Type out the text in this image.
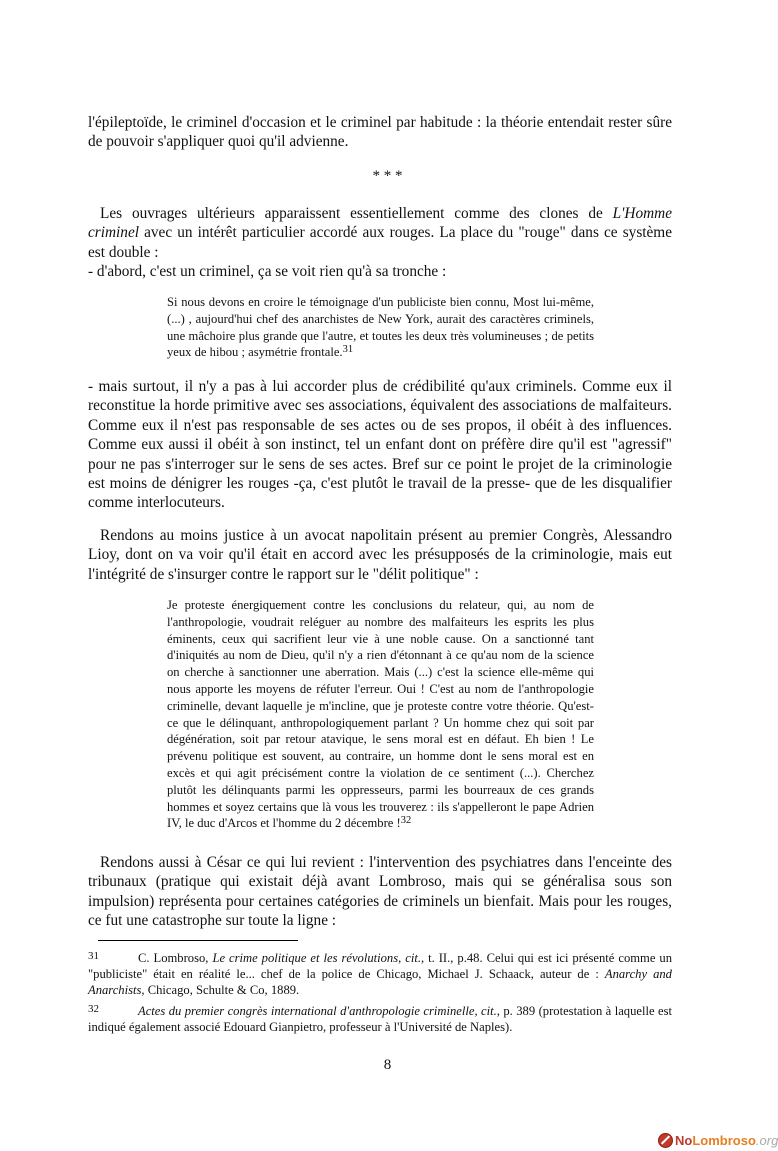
l'épileptoïde, le criminel d'occasion et le criminel par habitude : la théorie entendait rester sûre de pouvoir s'appliquer quoi qu'il advienne.

* * *

Les ouvrages ultérieurs apparaissent essentiellement comme des clones de L'Homme criminel avec un intérêt particulier accordé aux rouges. La place du "rouge" dans ce système est double :
- d'abord, c'est un criminel, ça se voit rien qu'à sa tronche :

Si nous devons en croire le témoignage d'un publiciste bien connu, Most lui-même, (...) , aujourd'hui chef des anarchistes de New York, aurait des caractères criminels, une mâchoire plus grande que l'autre, et toutes les deux très volumineuses ; de petits yeux de hibou ; asymétrie frontale.$^{31}$

- mais surtout, il n'y a pas à lui accorder plus de crédibilité qu'aux criminels. Comme eux il reconstitue la horde primitive avec ses associations, équivalent des associations de malfaiteurs. Comme eux il n'est pas responsable de ses actes ou de ses propos, il obéit à des influences. Comme eux aussi il obéit à son instinct, tel un enfant dont on préfère dire qu'il est "agressif" pour ne pas s'interroger sur le sens de ses actes. Bref sur ce point le projet de la criminologie est moins de dénigrer les rouges -ça, c'est plutôt le travail de la presse- que de les disqualifier comme interlocuteurs.

Rendons au moins justice à un avocat napolitain présent au premier Congrès, Alessandro Lioy, dont on va voir qu'il était en accord avec les présupposés de la criminologie, mais eut l'intégrité de s'insurger contre le rapport sur le "délit politique" :

Je proteste énergiquement contre les conclusions du relateur, qui, au nom de l'anthropologie, voudrait reléguer au nombre des malfaiteurs les esprits les plus éminents, ceux qui sacrifient leur vie à une noble cause. On a sanctionné tant d'iniquités au nom de Dieu, qu'il n'y a rien d'étonnant à ce qu'au nom de la science on cherche à sanctionner une aberration. Mais (...) c'est la science elle-même qui nous apporte les moyens de réfuter l'erreur. Oui ! C'est au nom de l'anthropologie criminelle, devant laquelle je m'incline, que je proteste contre votre théorie. Qu'est-ce que le délinquant, anthropologiquement parlant ? Un homme chez qui soit par dégénération, soit par retour atavique, le sens moral est en défaut. Eh bien ! Le prévenu politique est souvent, au contraire, un homme dont le sens moral est en excès et qui agit précisément contre la violation de ce sentiment (...). Cherchez plutôt les délinquants parmi les oppresseurs, parmi les bourreaux de ces grands hommes et soyez certains que là vous les trouverez : ils s'appelleront le pape Adrien IV, le duc d'Arcos et l'homme du 2 décembre !$^{32}$

Rendons aussi à César ce qui lui revient : l'intervention des psychiatres dans l'enceinte des tribunaux (pratique qui existait déjà avant Lombroso, mais qui se généralisa sous son impulsion) représenta pour certaines catégories de criminels un bienfait. Mais pour les rouges, ce fut une catastrophe sur toute la ligne :

31	C. Lombroso, Le crime politique et les révolutions, cit., t. II., p.48. Celui qui est ici présenté comme un "publiciste" était en réalité le... chef de la police de Chicago, Michael J. Schaack, auteur de : Anarchy and Anarchists, Chicago, Schulte & Co, 1889.

32	Actes du premier congrès international d'anthropologie criminelle, cit., p. 389 (protestation à laquelle est indiqué également associé Edouard Gianpietro, professeur à l'Université de Naples).

8
No Lombroso .org
